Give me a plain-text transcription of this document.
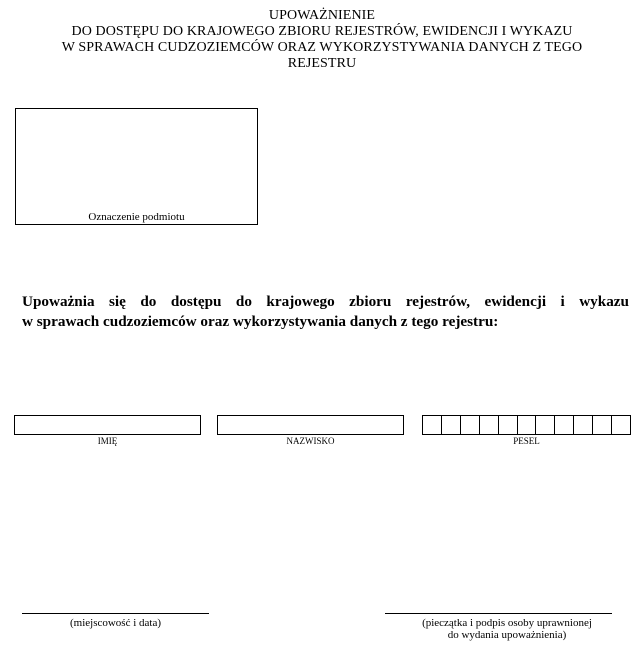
UPOWAŻNIENIE
DO DOSTĘPU DO KRAJOWEGO ZBIORU REJESTRÓW, EWIDENCJI I WYKAZU
W SPRAWACH CUDZOZIEMCÓW ORAZ WYKORZYSTYWANIA DANYCH Z TEGO
REJESTRU
Oznaczenie podmiotu
Upoważnia się do dostępu do krajowego zbioru rejestrów, ewidencji i wykazu
w sprawach cudzoziemców oraz wykorzystywania danych z tego rejestru:
IMIĘ	NAZWISKO	PESEL
(miejscowość i data)	(pieczątka i podpis osoby uprawnionej
do wydania upoważnienia)
